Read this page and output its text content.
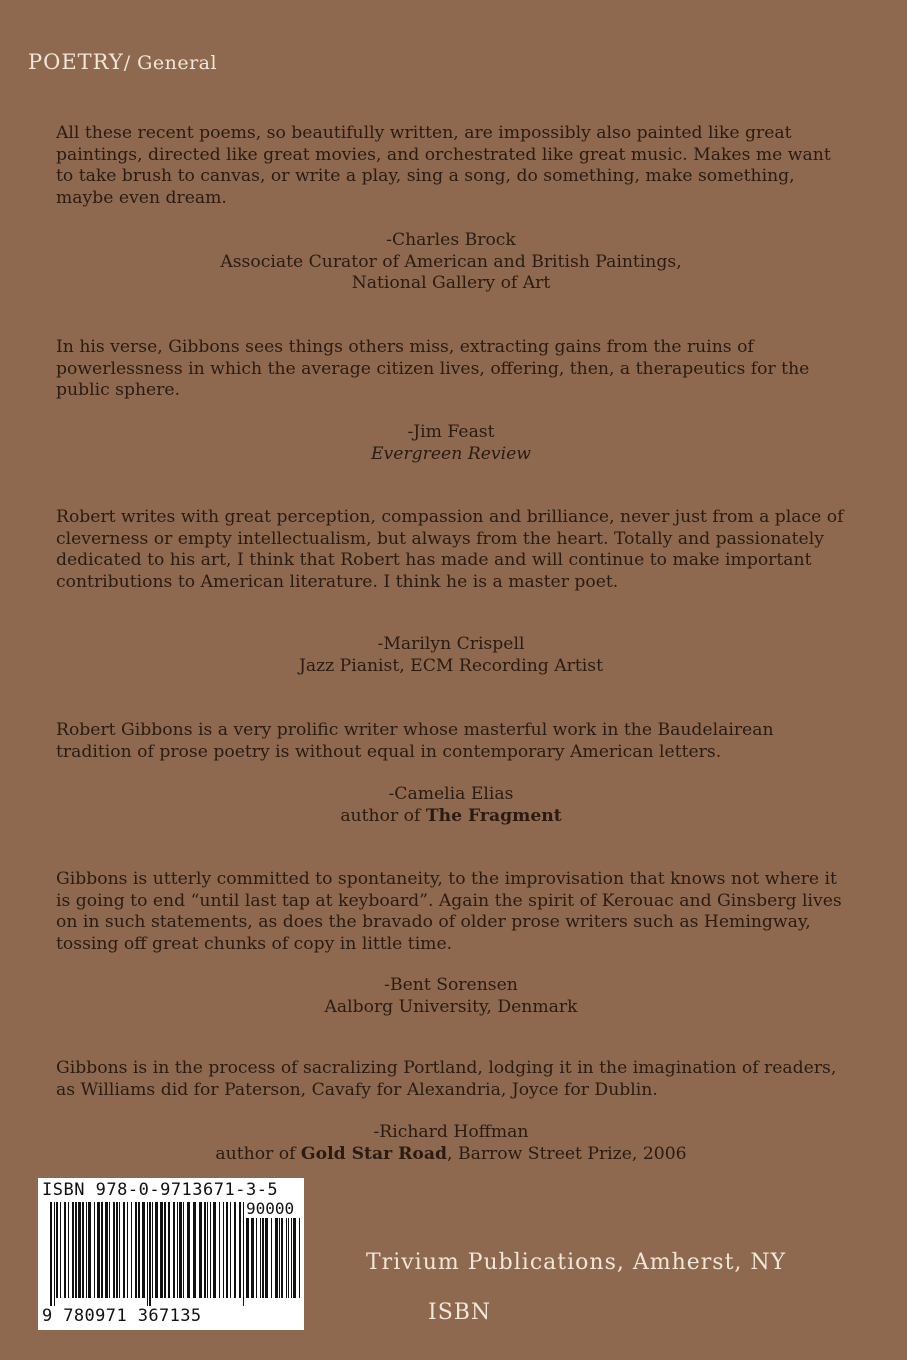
POETRY/ General
All these recent poems, so beautifully written, are impossibly also painted like great paintings, directed like great movies, and orchestrated like great music. Makes me want to take brush to canvas, or write a play, sing a song, do something, make something, maybe even dream.
-Charles Brock
Associate Curator of American and British Paintings,
National Gallery of Art
In his verse, Gibbons sees things others miss, extracting gains from the ruins of powerlessness in which the average citizen lives, offering, then, a therapeutics for the public sphere.
-Jim Feast
Evergreen Review
Robert writes with great perception, compassion and brilliance, never just from a place of cleverness or empty intellectualism, but always from the heart. Totally and passionately dedicated to his art, I think that Robert has made and will continue to make important contributions to American literature. I think he is a master poet.
-Marilyn Crispell
Jazz Pianist, ECM Recording Artist
Robert Gibbons is a very prolific writer whose masterful work in the Baudelairean tradition of prose poetry is without equal in contemporary American letters.
-Camelia Elias
author of The Fragment
Gibbons is utterly committed to spontaneity, to the improvisation that knows not where it is going to end “until last tap at keyboard”. Again the spirit of Kerouac and Ginsberg lives on in such statements, as does the bravado of older prose writers such as Hemingway, tossing off great chunks of copy in little time.
-Bent Sorensen
Aalborg University, Denmark
Gibbons is in the process of sacralizing Portland, lodging it in the imagination of readers, as Williams did for Paterson, Cavafy for Alexandria, Joyce for Dublin.
-Richard Hoffman
author of Gold Star Road, Barrow Street Prize, 2006
ISBN 978-0-9713671-3-5
90000
9 780971 367135
Trivium Publications, Amherst, NY
ISBN
